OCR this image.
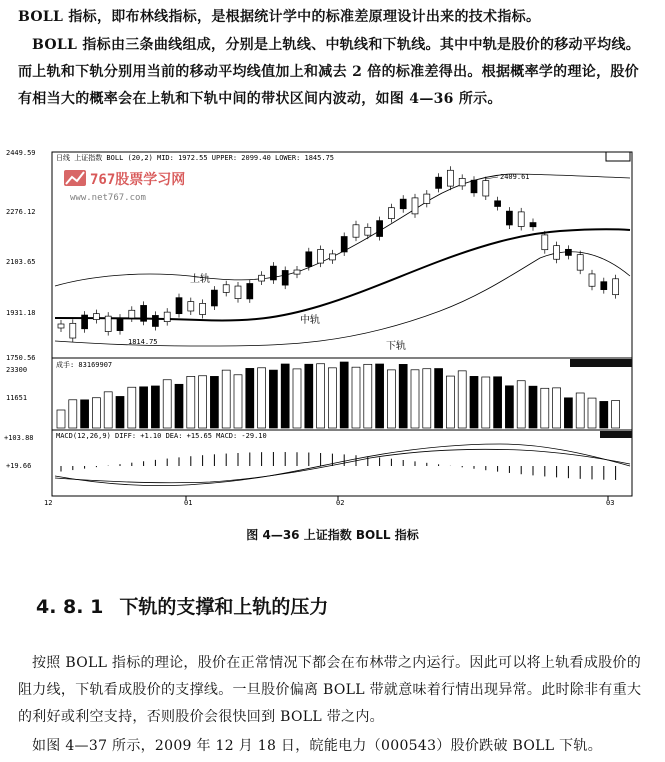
BOLL 指标，即布林线指标，是根据统计学中的标准差原理设计出来的技术指标。

BOLL 指标由三条曲线组成，分别是上轨线、中轨线和下轨线。其中中轨是股价的移动平均线。而上轨和下轨分别用当前的移动平均线值加上和减去 2 倍的标准差得出。根据概率学的理论，股价有相当大的概率会在上轨和下轨中间的带状区间内波动，如图 4—36 所示。

日线 上证指数 BOLL (20,2) MID: 1972.55 UPPER: 2099.40 LOWER: 1845.75
成手: 83169907
MACD(12,26,9) DIFF: +1.10 DEA: +15.65 MACD: -29.10
767股票学习网
www.net767.com
2449.59
2276.12
2103.65
1931.18
1750.56
23300
11651
+103.88
+19.66
12	01	02	03
上轨
中轨
下轨
2409.61
1814.75
图 4—36 上证指数 BOLL 指标
4. 8. 1 下轨的支撑和上轨的压力

按照 BOLL 指标的理论，股价在正常情况下都会在布林带之内运行。因此可以将上轨看成股价的阻力线，下轨看成股价的支撑线。一旦股价偏离 BOLL 带就意味着行情出现异常。此时除非有重大的利好或利空支持，否则股价会很快回到 BOLL 带之内。

如图 4—37 所示，2009 年 12 月 18 日，皖能电力（000543）股价跌破 BOLL 下轨。
